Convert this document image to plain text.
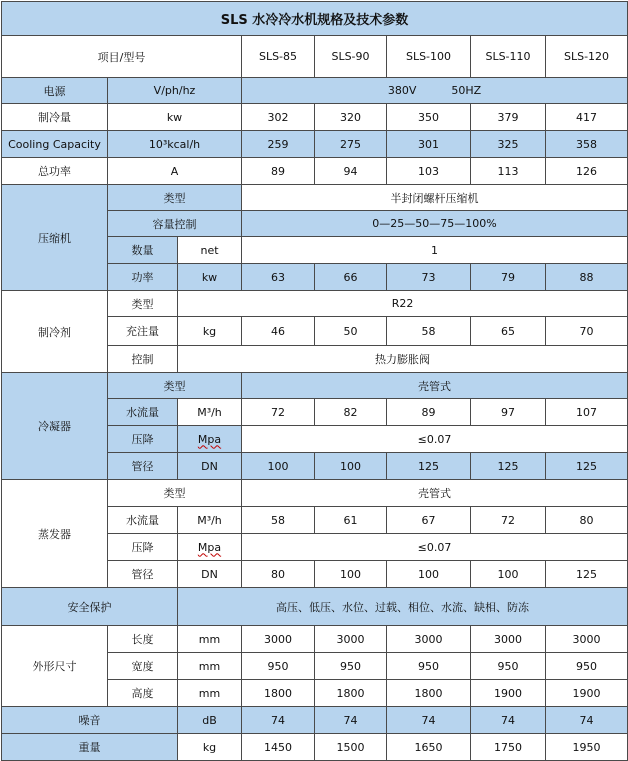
SLS 水冷冷水机规格及技术参数							
项目/型号			SLS-85	SLS-90	SLS-100	SLS-110	SLS-120
电源	V/ph/hz		380V          50HZ				
制冷量	kw		302	320	350	379	417
Cooling Capacity	10³kcal/h		259	275	301	325	358
总功率	A		89	94	103	113	126
压缩机	类型		半封闭螺杆压缩机				
	容量控制		0—25—50—75—100%				
	数量	net	1				
	功率	kw	63	66	73	79	88
制冷剂	类型	R22					
	充注量	kg	46	50	58	65	70
	控制	热力膨胀阀					
冷凝器	类型		壳管式				
	水流量	M³/h	72	82	89	97	107
	压降	Mpa	≤0.07				
	管径	DN	100	100	125	125	125
蒸发器	类型		壳管式				
	水流量	M³/h	58	61	67	72	80
	压降	Mpa	≤0.07				
	管径	DN	80	100	100	100	125
安全保护		高压、低压、水位、过载、相位、水流、缺相、防冻					
外形尺寸	长度	mm	3000	3000	3000	3000	3000
	宽度	mm	950	950	950	950	950
	高度	mm	1800	1800	1800	1900	1900
噪音		dB	74	74	74	74	74
重量		kg	1450	1500	1650	1750	1950
